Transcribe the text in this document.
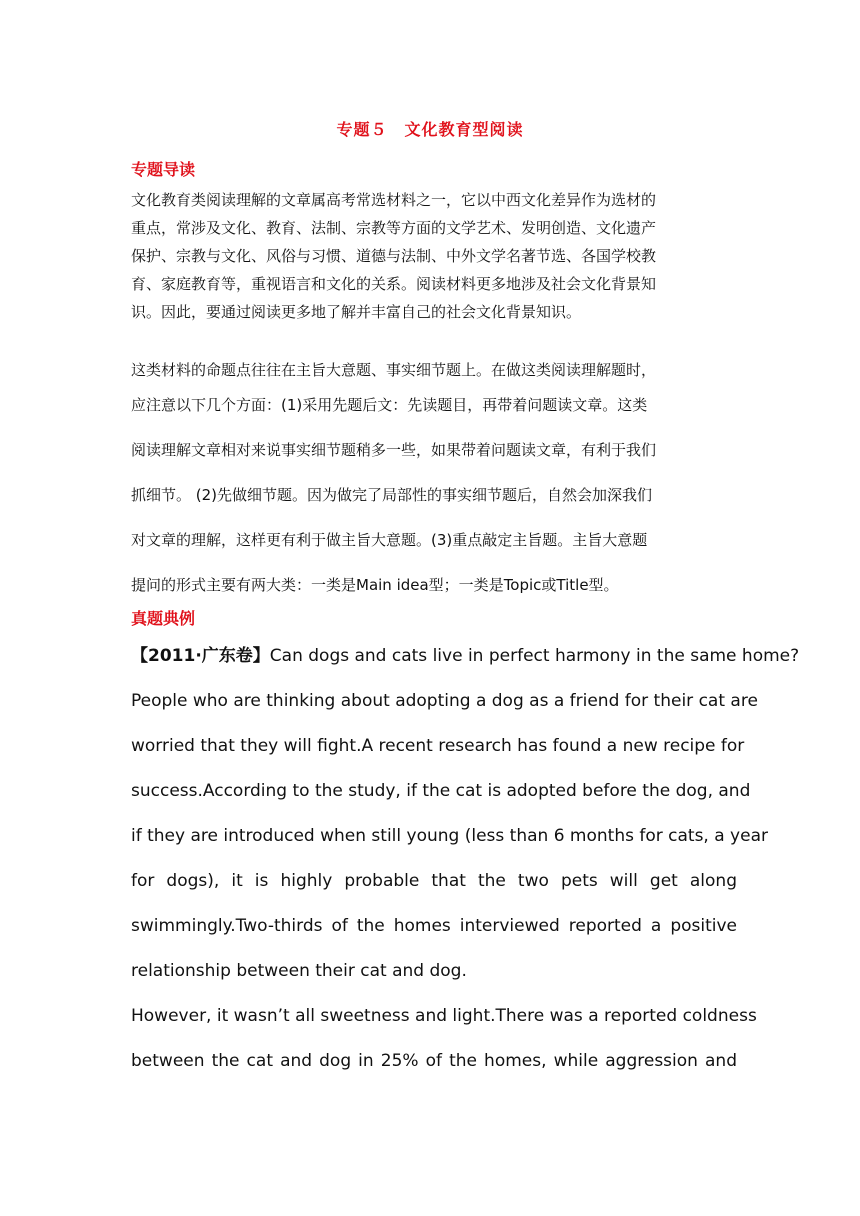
专题５　文化教育型阅读
专题导读
文化教育类阅读理解的文章属高考常选材料之一，它以中西文化差异作为选材的
重点，常涉及文化、教育、法制、宗教等方面的文学艺术、发明创造、文化遗产
保护、宗教与文化、风俗与习惯、道德与法制、中外文学名著节选、各国学校教
育、家庭教育等，重视语言和文化的关系。阅读材料更多地涉及社会文化背景知
识。因此，要通过阅读更多地了解并丰富自己的社会文化背景知识。
这类材料的命题点往往在主旨大意题、事实细节题上。在做这类阅读理解题时，
应注意以下几个方面：(1)采用先题后文：先读题目，再带着问题读文章。这类
阅读理解文章相对来说事实细节题稍多一些，如果带着问题读文章，有利于我们
抓细节。 (2)先做细节题。因为做完了局部性的事实细节题后，自然会加深我们
对文章的理解，这样更有利于做主旨大意题。(3)重点敲定主旨题。主旨大意题
提问的形式主要有两大类：一类是Main idea型；一类是Topic或Title型。
真题典例
【2011·广东卷】Can dogs and cats live in perfect harmony in the same home?
People who are thinking about adopting a dog as a friend for their cat are
worried that they will fight.A recent research has found a new recipe for
success.According to the study, if the cat is adopted before the dog, and
if they are introduced when still young (less than 6 months for cats, a year
for dogs), it is highly probable that the two pets will get along
swimmingly.Two-thirds of the homes interviewed reported a positive
relationship between their cat and dog.
However, it wasn’t all sweetness and light.There was a reported coldness
between the cat and dog in 25% of the homes, while aggression and
